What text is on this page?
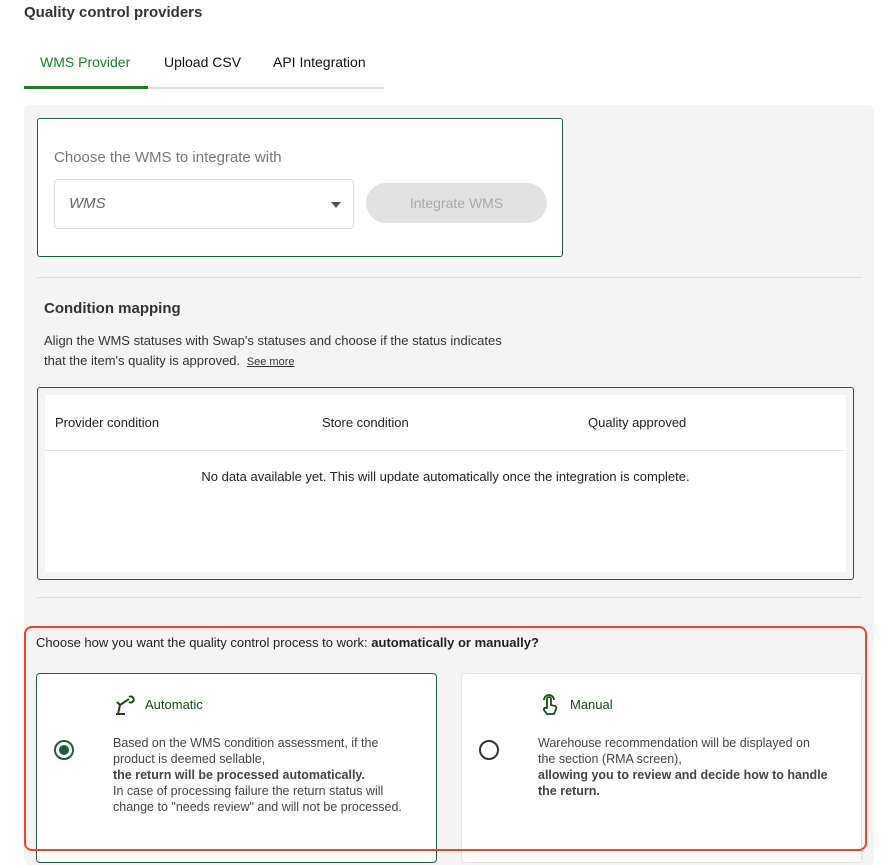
Quality control providers
WMS Provider Upload CSV API Integration
Choose the WMS to integrate with
WMS	Integrate WMS
Condition mapping
Align the WMS statuses with Swap's statuses and choose if the status indicates that the item's quality is approved. See more
Provider condition	Store condition	Quality approved
No data available yet. This will update automatically once the integration is complete.
Choose how you want the quality control process to work: automatically or manually?
Automatic
Based on the WMS condition assessment, if the product is deemed sellable,
the return will be processed automatically.
In case of processing failure the return status will change to "needs review" and will not be processed.
Manual
Warehouse recommendation will be displayed on the section (RMA screen),
allowing you to review and decide how to handle the return.
